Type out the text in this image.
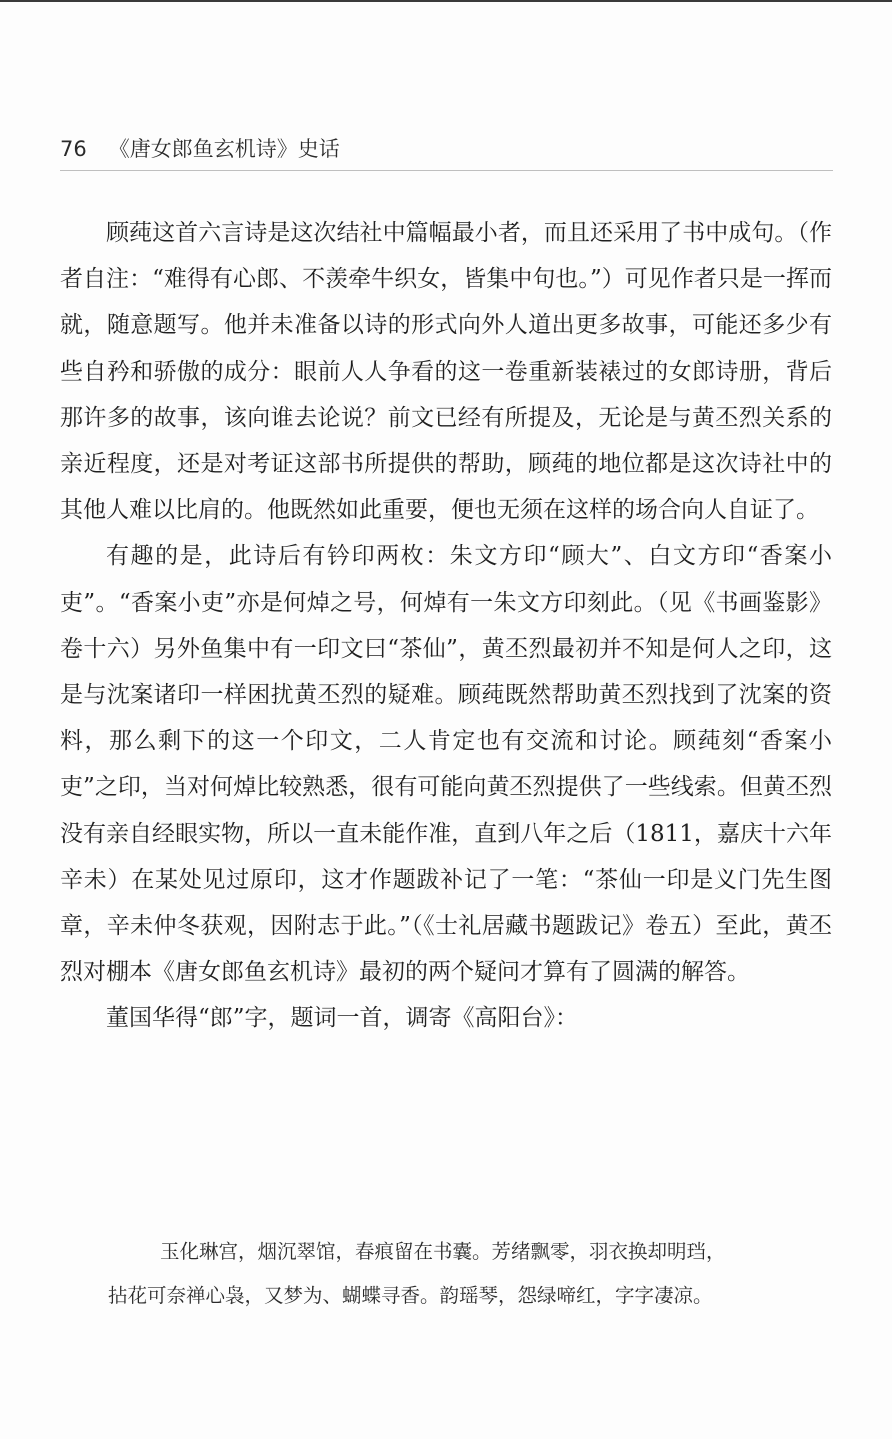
76 《唐女郎鱼玄机诗》史话

顾莼这首六言诗是这次结社中篇幅最小者，而且还采用了书中成句。（作者自注：“难得有心郎、不羡牵牛织女，皆集中句也。”）可见作者只是一挥而就，随意题写。他并未准备以诗的形式向外人道出更多故事，可能还多少有些自矜和骄傲的成分：眼前人人争看的这一卷重新装裱过的女郎诗册，背后那许多的故事，该向谁去论说？前文已经有所提及，无论是与黄丕烈关系的亲近程度，还是对考证这部书所提供的帮助，顾莼的地位都是这次诗社中的其他人难以比肩的。他既然如此重要，便也无须在这样的场合向人自证了。

有趣的是，此诗后有钤印两枚：朱文方印“顾大”、白文方印“香案小吏”。“香案小吏”亦是何焯之号，何焯有一朱文方印刻此。（见《书画鉴影》卷十六）另外鱼集中有一印文曰“茶仙”，黄丕烈最初并不知是何人之印，这是与沈案诸印一样困扰黄丕烈的疑难。顾莼既然帮助黄丕烈找到了沈案的资料，那么剩下的这一个印文，二人肯定也有交流和讨论。顾莼刻“香案小吏”之印，当对何焯比较熟悉，很有可能向黄丕烈提供了一些线索。但黄丕烈没有亲自经眼实物，所以一直未能作准，直到八年之后（1811，嘉庆十六年辛未）在某处见过原印，这才作题跋补记了一笔：“茶仙一印是义门先生图章，辛未仲冬获观，因附志于此。”（《士礼居藏书题跋记》卷五）至此，黄丕烈对棚本《唐女郎鱼玄机诗》最初的两个疑问才算有了圆满的解答。

董国华得“郎”字，题词一首，调寄《高阳台》：

玉化琳宫，烟沉翠馆，春痕留在书囊。芳绪飘零，羽衣换却明珰，

拈花可奈禅心袅，又梦为、蝴蝶寻香。韵瑶琴，怨绿啼红，字字凄凉。
